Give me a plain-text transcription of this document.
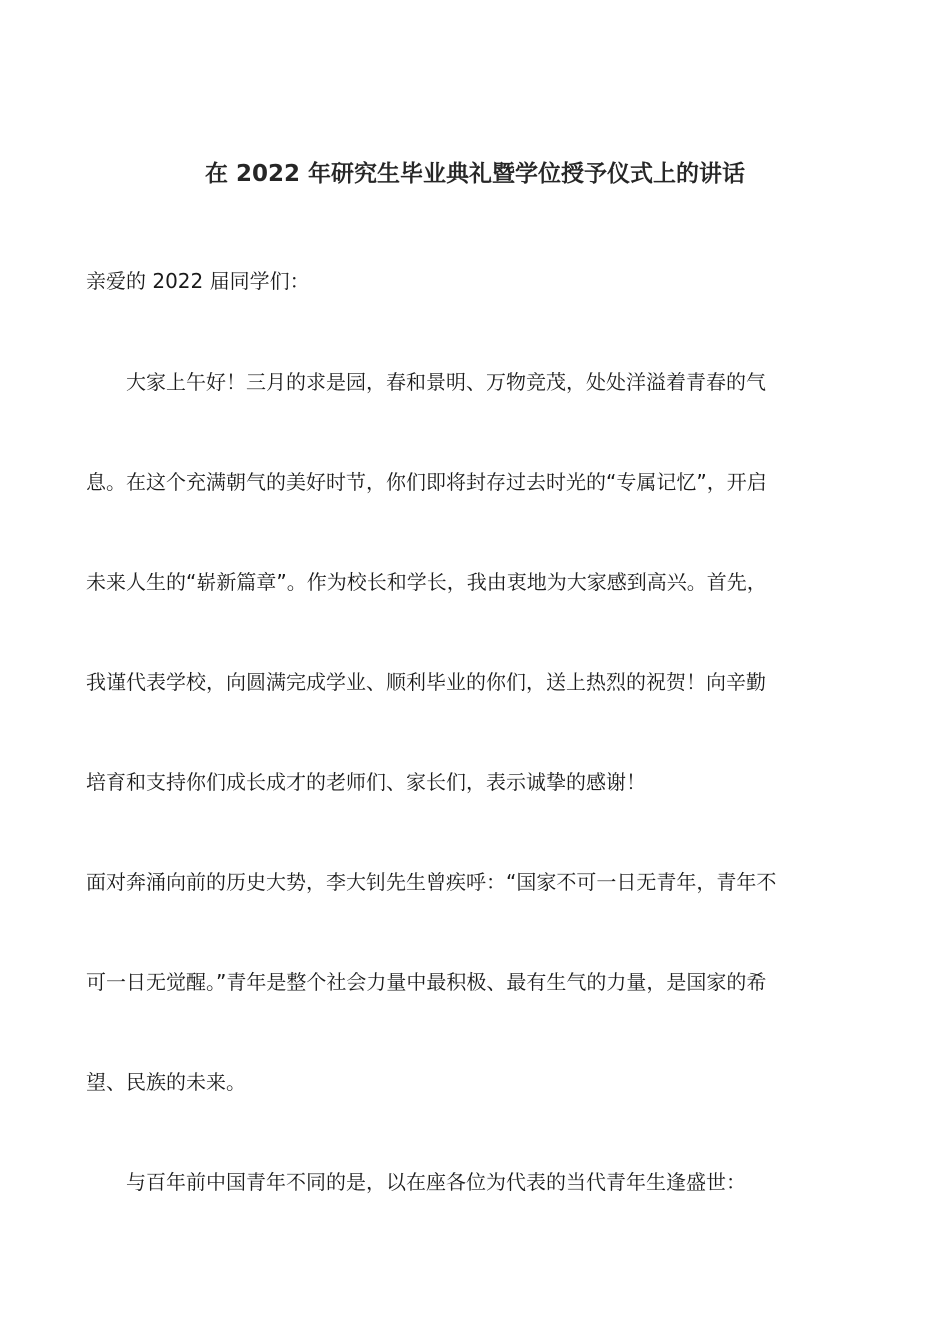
在 2022 年研究生毕业典礼暨学位授予仪式上的讲话
亲爱的 2022 届同学们：
　　大家上午好！三月的求是园，春和景明、万物竞茂，处处洋溢着青春的气
息。在这个充满朝气的美好时节，你们即将封存过去时光的“专属记忆”，开启
未来人生的“崭新篇章”。作为校长和学长，我由衷地为大家感到高兴。首先，
我谨代表学校，向圆满完成学业、顺利毕业的你们，送上热烈的祝贺！向辛勤
培育和支持你们成长成才的老师们、家长们，表示诚挚的感谢！
面对奔涌向前的历史大势，李大钊先生曾疾呼：“国家不可一日无青年，青年不
可一日无觉醒。”青年是整个社会力量中最积极、最有生气的力量，是国家的希
望、民族的未来。
　　与百年前中国青年不同的是，以在座各位为代表的当代青年生逢盛世：
